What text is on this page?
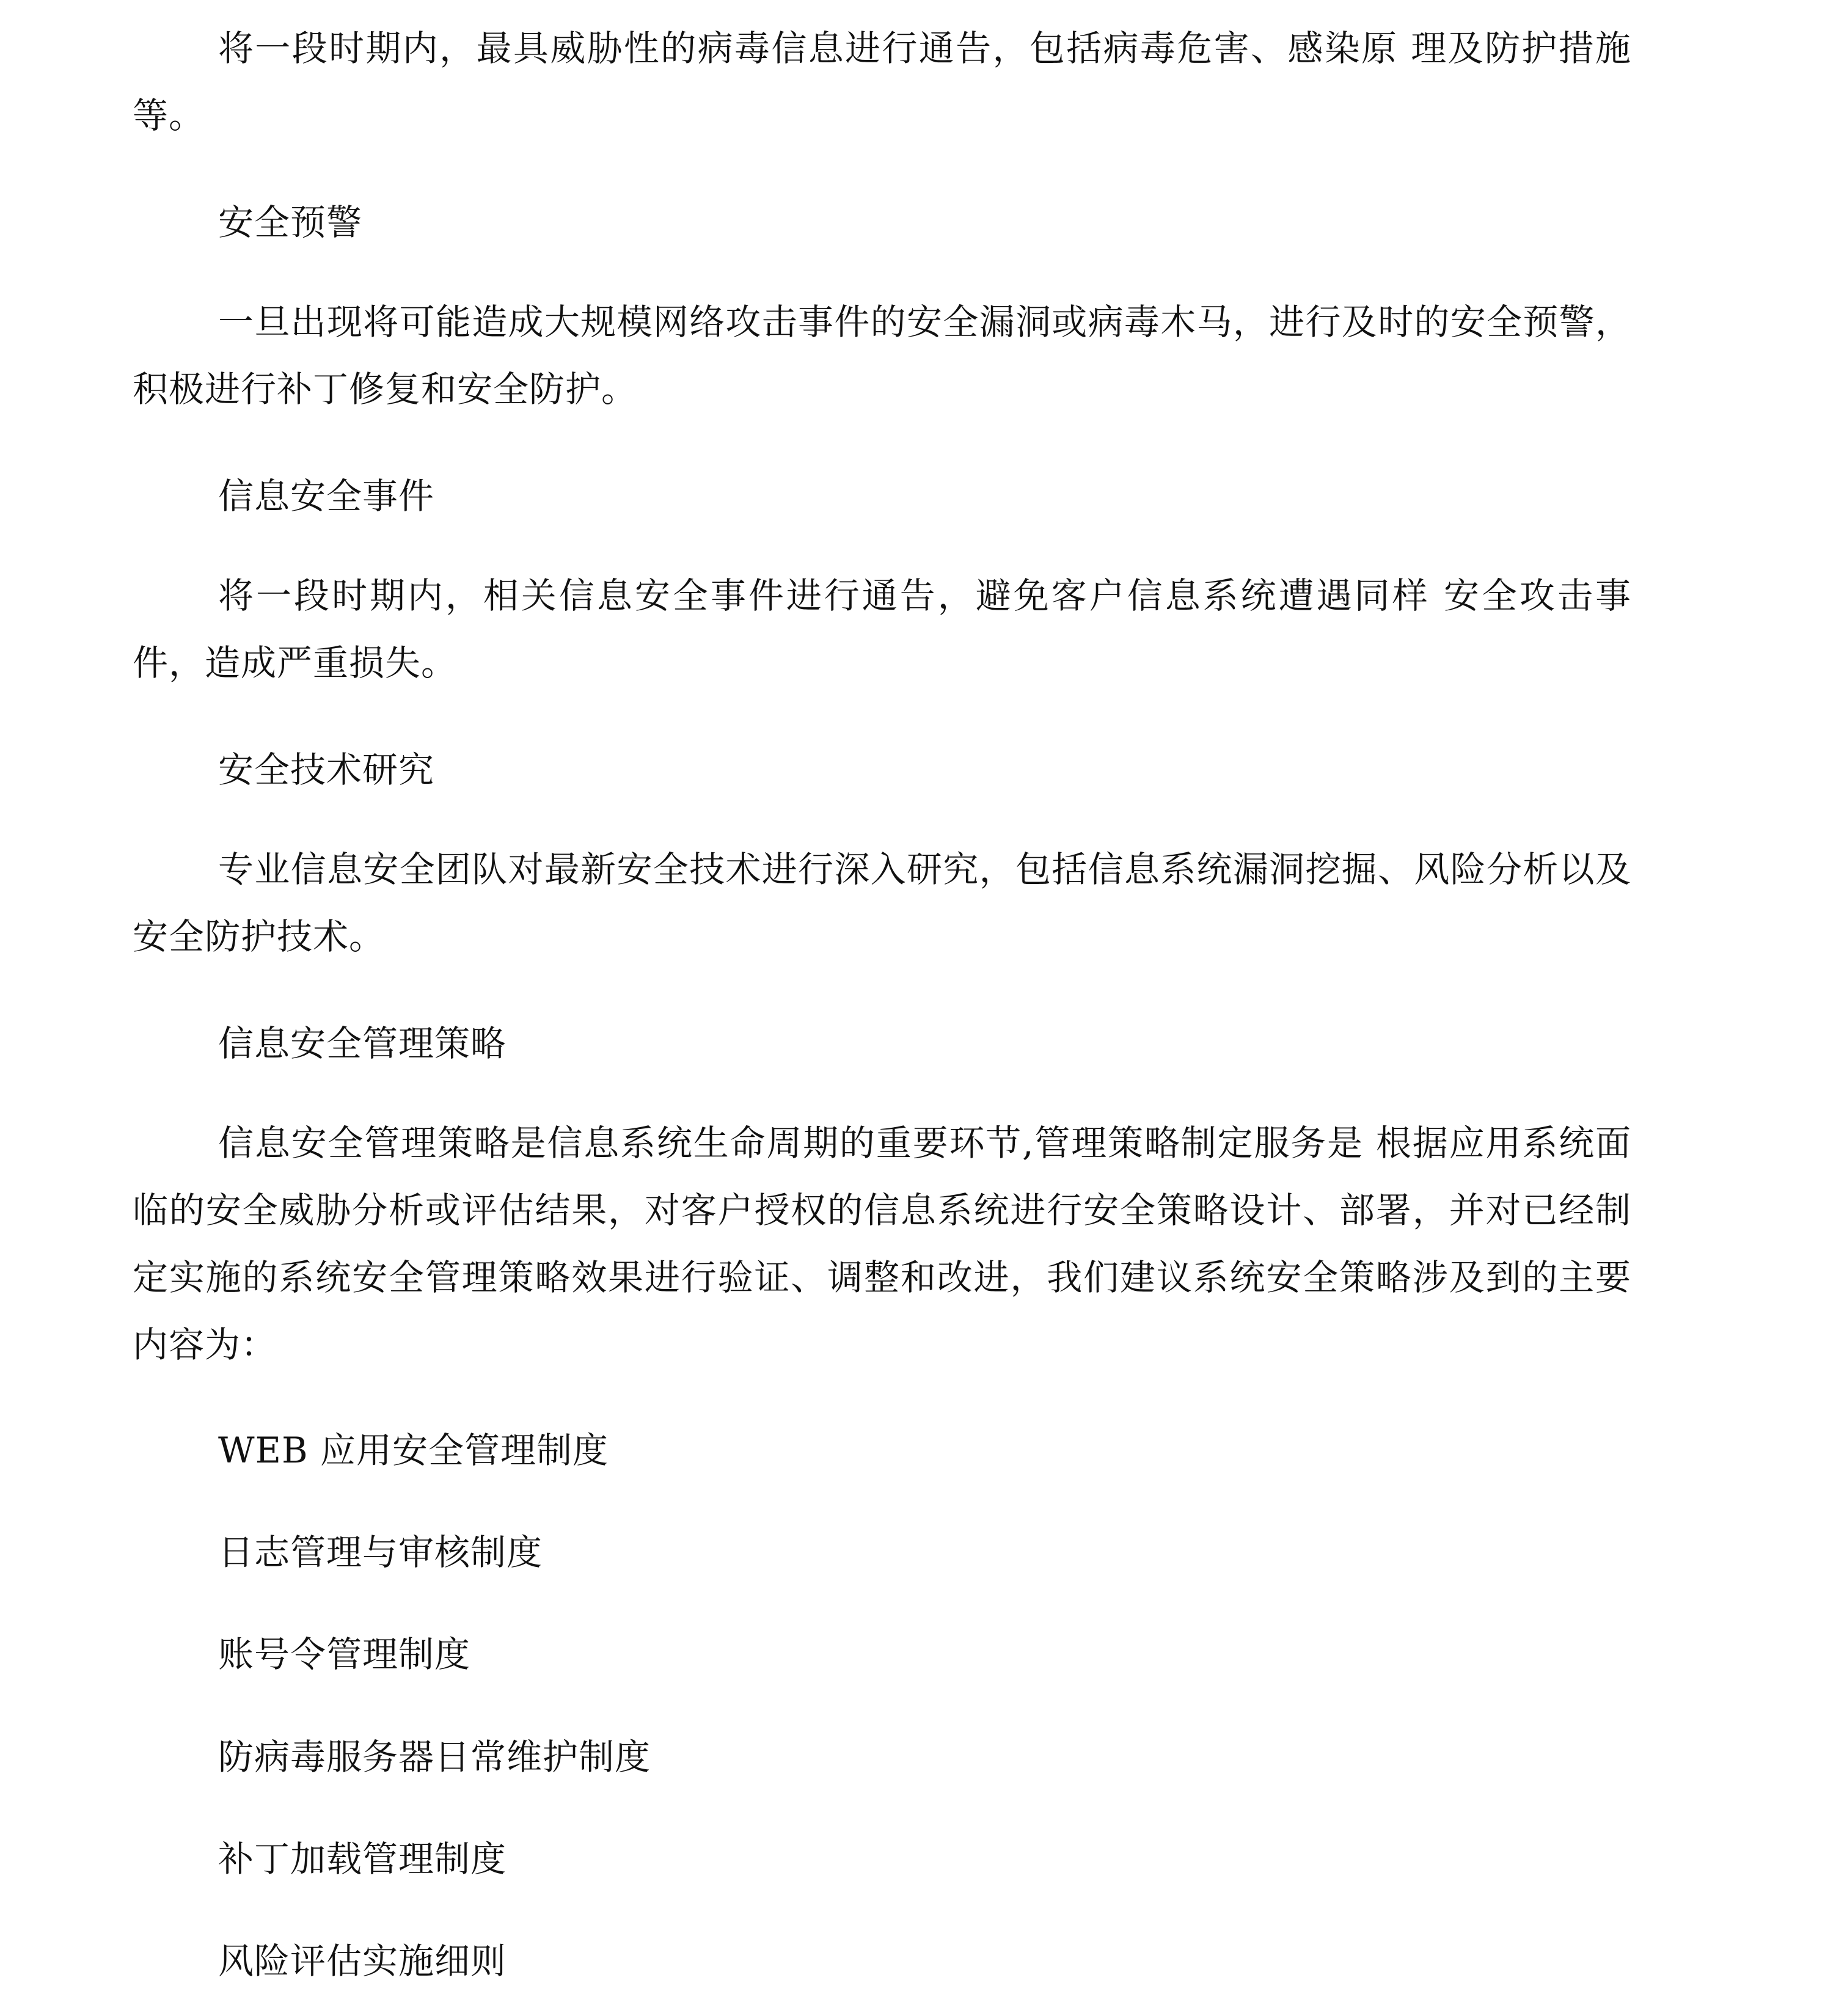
将一段时期内，最具威胁性的病毒信息进行通告，包括病毒危害、感染原 理及防护措施等。

安全预警

一旦出现将可能造成大规模网络攻击事件的安全漏洞或病毒木马，进行及时的安全预警，积极进行补丁修复和安全防护。

信息安全事件

将一段时期内，相关信息安全事件进行通告，避免客户信息系统遭遇同样 安全攻击事件，造成严重损失。

安全技术研究

专业信息安全团队对最新安全技术进行深入研究，包括信息系统漏洞挖掘、风险分析以及安全防护技术。

信息安全管理策略

信息安全管理策略是信息系统生命周期的重要环节,管理策略制定服务是 根据应用系统面临的安全威胁分析或评估结果，对客户授权的信息系统进行安全策略设计、部署，并对已经制定实施的系统安全管理策略效果进行验证、调整和改进，我们建议系统安全策略涉及到的主要内容为：

WEB 应用安全管理制度
日志管理与审核制度
账号令管理制度
防病毒服务器日常维护制度
补丁加载管理制度
风险评估实施细则
